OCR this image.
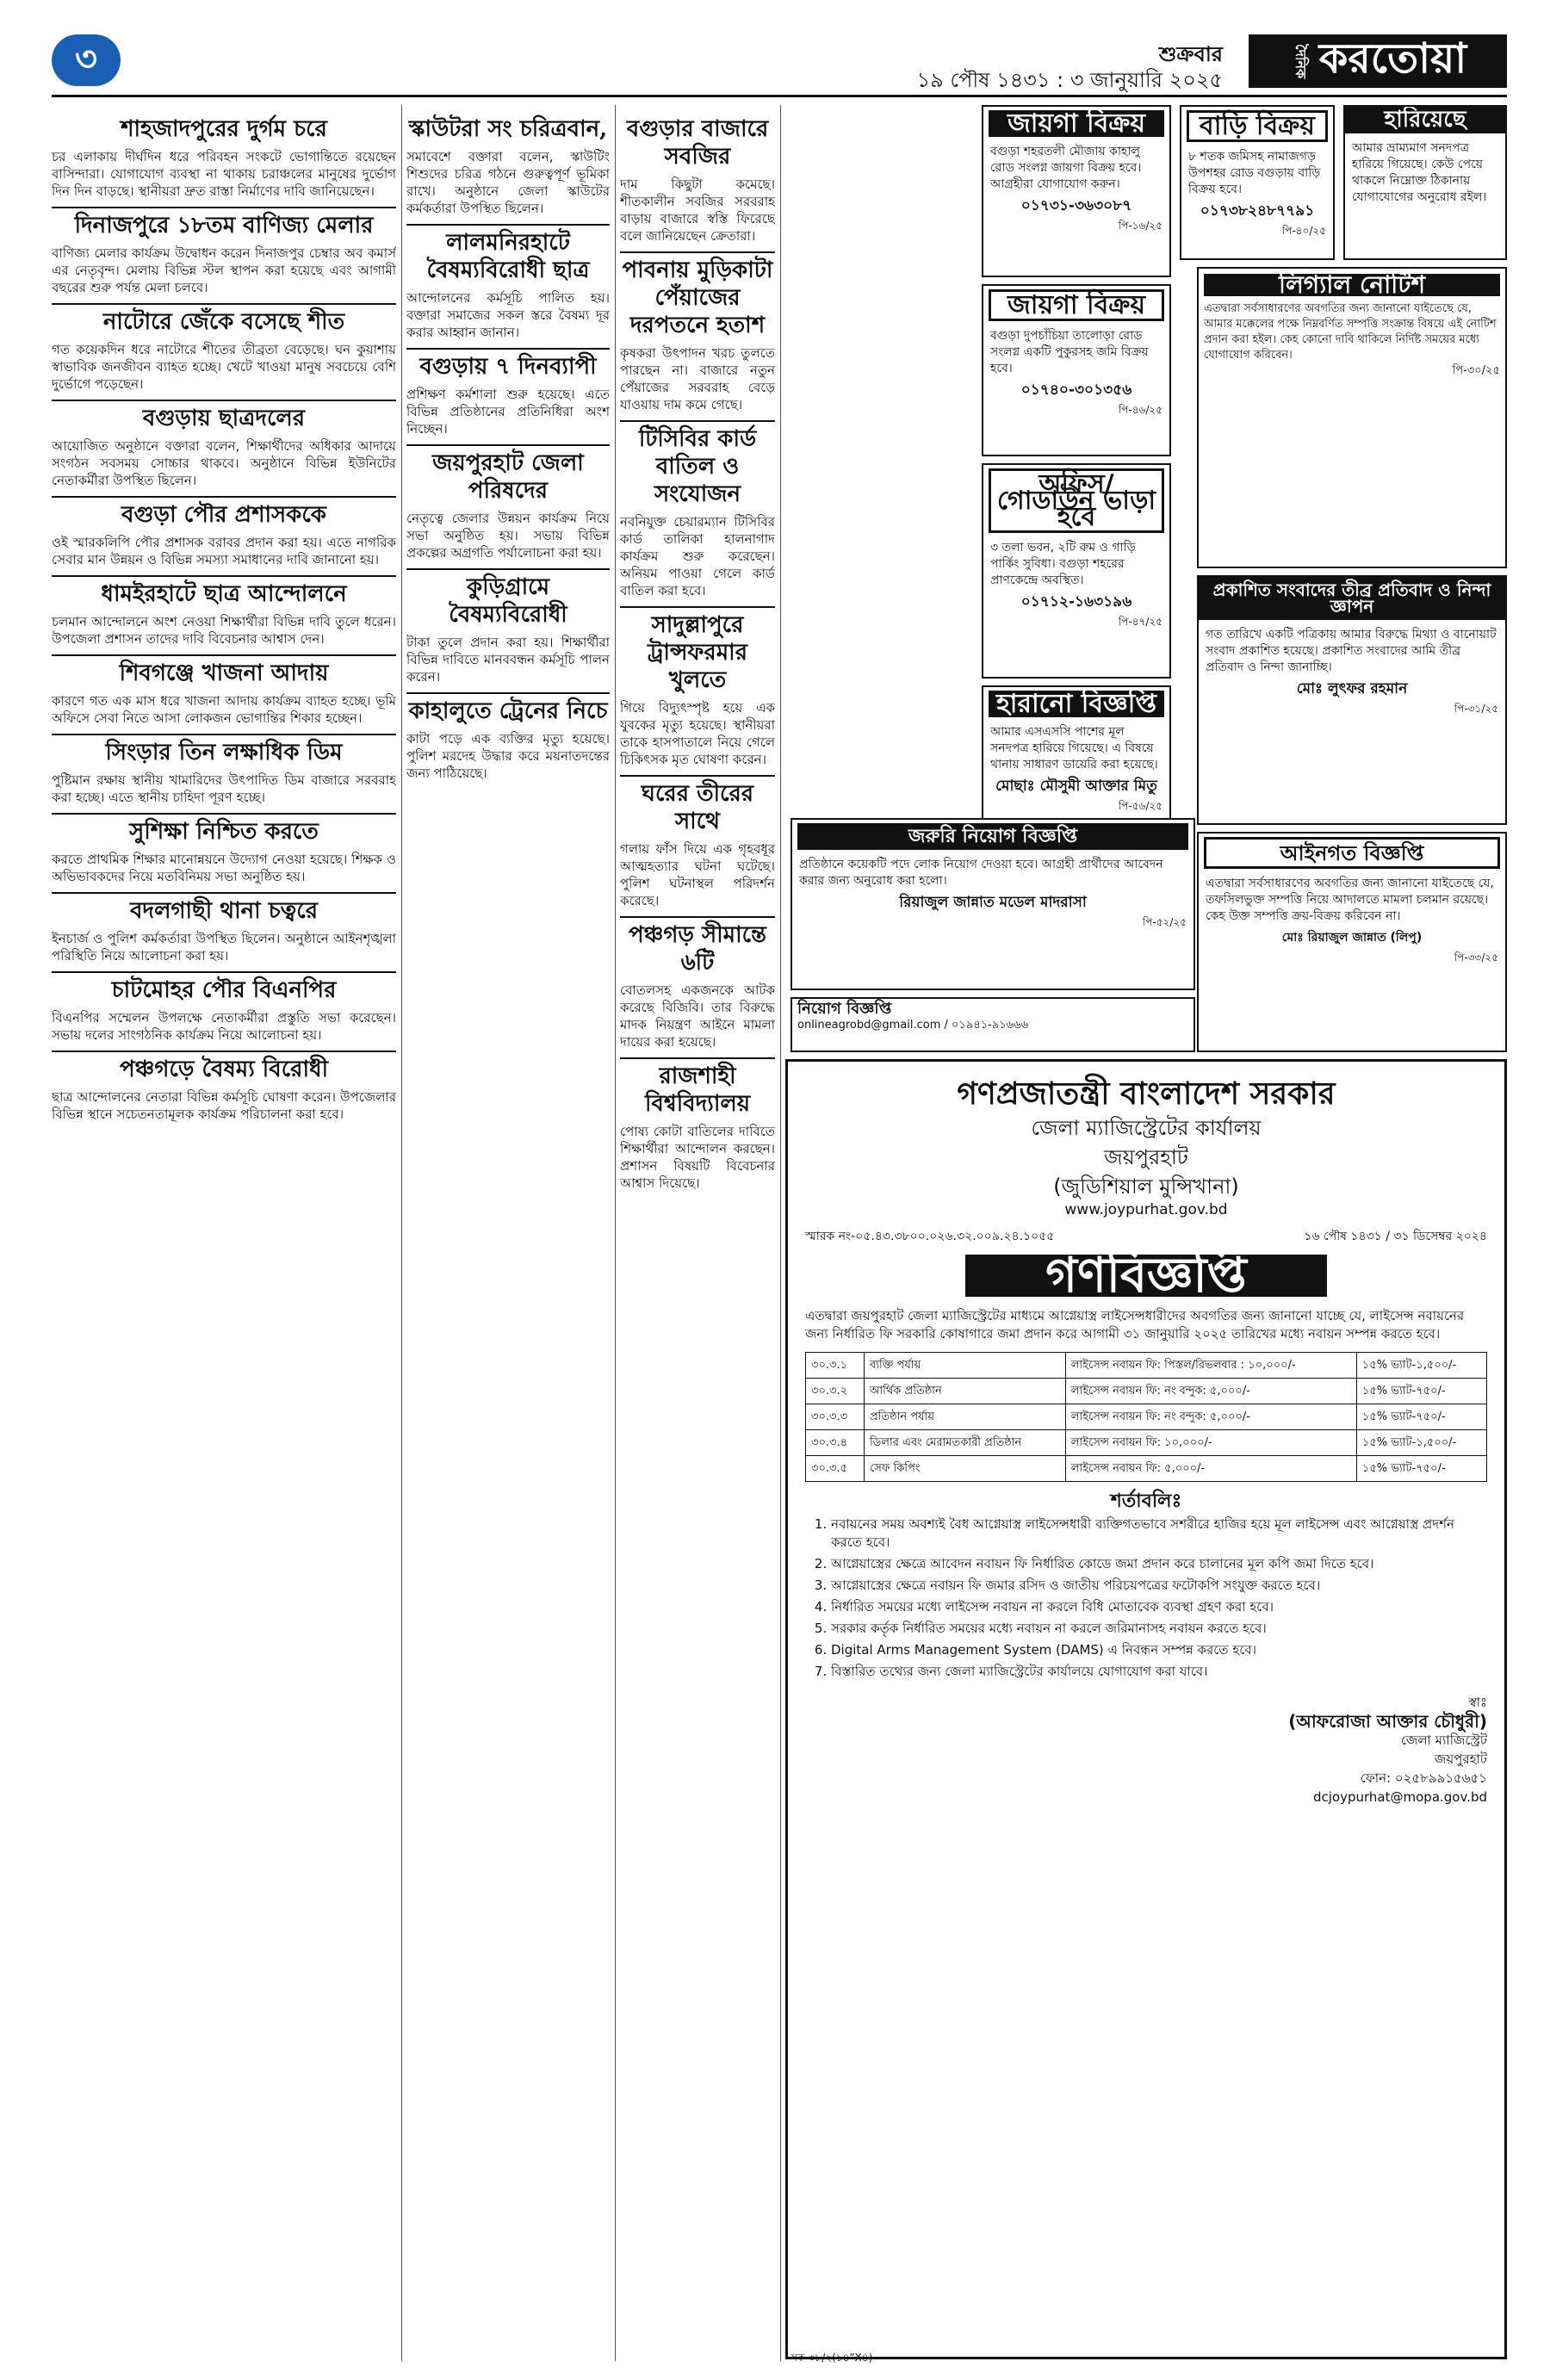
৩	শুক্রবার
১৯ পৌষ ১৪৩১ : ৩ জানুয়ারি ২০২৫
দৈনিক করতোয়া
শাহজাদপুরের দুর্গম চরে

চর এলাকায় দীর্ঘদিন ধরে পরিবহন সংকটে ভোগান্তিতে রয়েছেন বাসিন্দারা। যোগাযোগ ব্যবস্থা না থাকায় চরাঞ্চলের মানুষের দুর্ভোগ দিন দিন বাড়ছে। স্থানীয়রা দ্রুত রাস্তা নির্মাণের দাবি জানিয়েছেন।

দিনাজপুরে ১৮তম বাণিজ্য মেলার

বাণিজ্য মেলার কার্যক্রম উদ্বোধন করেন দিনাজপুর চেম্বার অব কমার্স এর নেতৃবৃন্দ। মেলায় বিভিন্ন স্টল স্থাপন করা হয়েছে এবং আগামী বছরের শুরু পর্যন্ত মেলা চলবে।

নাটোরে জেঁকে বসেছে শীত

গত কয়েকদিন ধরে নাটোরে শীতের তীব্রতা বেড়েছে। ঘন কুয়াশায় স্বাভাবিক জনজীবন ব্যাহত হচ্ছে। খেটে খাওয়া মানুষ সবচেয়ে বেশি দুর্ভোগে পড়েছেন।

বগুড়ায় ছাত্রদলের

আয়োজিত অনুষ্ঠানে বক্তারা বলেন, শিক্ষার্থীদের অধিকার আদায়ে সংগঠন সবসময় সোচ্চার থাকবে। অনুষ্ঠানে বিভিন্ন ইউনিটের নেতাকর্মীরা উপস্থিত ছিলেন।

বগুড়া পৌর প্রশাসককে

ওই স্মারকলিপি পৌর প্রশাসক বরাবর প্রদান করা হয়। এতে নাগরিক সেবার মান উন্নয়ন ও বিভিন্ন সমস্যা সমাধানের দাবি জানানো হয়।

ধামইরহাটে ছাত্র আন্দোলনে

চলমান আন্দোলনে অংশ নেওয়া শিক্ষার্থীরা বিভিন্ন দাবি তুলে ধরেন। উপজেলা প্রশাসন তাদের দাবি বিবেচনার আশ্বাস দেন।

শিবগঞ্জে খাজনা আদায়

কারণে গত এক মাস ধরে খাজনা আদায় কার্যক্রম ব্যাহত হচ্ছে। ভূমি অফিসে সেবা নিতে আসা লোকজন ভোগান্তির শিকার হচ্ছেন।

সিংড়ার তিন লক্ষাধিক ডিম

পুষ্টিমান রক্ষায় স্থানীয় খামারিদের উৎপাদিত ডিম বাজারে সরবরাহ করা হচ্ছে। এতে স্থানীয় চাহিদা পূরণ হচ্ছে।

সুশিক্ষা নিশ্চিত করতে

করতে প্রাথমিক শিক্ষার মানোন্নয়নে উদ্যোগ নেওয়া হয়েছে। শিক্ষক ও অভিভাবকদের নিয়ে মতবিনিময় সভা অনুষ্ঠিত হয়।

বদলগাছী থানা চত্বরে

ইনচার্জ ও পুলিশ কর্মকর্তারা উপস্থিত ছিলেন। অনুষ্ঠানে আইনশৃঙ্খলা পরিস্থিতি নিয়ে আলোচনা করা হয়।

চাটমোহর পৌর বিএনপির

বিএনপির সম্মেলন উপলক্ষে নেতাকর্মীরা প্রস্তুতি সভা করেছেন। সভায় দলের সাংগঠনিক কার্যক্রম নিয়ে আলোচনা হয়।

পঞ্চগড়ে বৈষম্য বিরোধী

ছাত্র আন্দোলনের নেতারা বিভিন্ন কর্মসূচি ঘোষণা করেন। উপজেলার বিভিন্ন স্থানে সচেতনতামূলক কার্যক্রম পরিচালনা করা হবে।

স্কাউটরা সং চরিত্রবান,

সমাবেশে বক্তারা বলেন, স্কাউটিং শিশুদের চরিত্র গঠনে গুরুত্বপূর্ণ ভূমিকা রাখে। অনুষ্ঠানে জেলা স্কাউটের কর্মকর্তারা উপস্থিত ছিলেন।

লালমনিরহাটে বৈষম্যবিরোধী ছাত্র

আন্দোলনের কর্মসূচি পালিত হয়। বক্তারা সমাজের সকল স্তরে বৈষম্য দূর করার আহ্বান জানান।

বগুড়ায় ৭ দিনব্যাপী

প্রশিক্ষণ কর্মশালা শুরু হয়েছে। এতে বিভিন্ন প্রতিষ্ঠানের প্রতিনিধিরা অংশ নিচ্ছেন।

জয়পুরহাট জেলা পরিষদের

নেতৃত্বে জেলার উন্নয়ন কার্যক্রম নিয়ে সভা অনুষ্ঠিত হয়। সভায় বিভিন্ন প্রকল্পের অগ্রগতি পর্যালোচনা করা হয়।

কুড়িগ্রামে বৈষম্যবিরোধী

টাকা তুলে প্রদান করা হয়। শিক্ষার্থীরা বিভিন্ন দাবিতে মানববন্ধন কর্মসূচি পালন করেন।

কাহালুতে ট্রেনের নিচে

কাটা পড়ে এক ব্যক্তির মৃত্যু হয়েছে। পুলিশ মরদেহ উদ্ধার করে ময়নাতদন্তের জন্য পাঠিয়েছে।

বগুড়ার বাজারে সবজির

দাম কিছুটা কমেছে। শীতকালীন সবজির সরবরাহ বাড়ায় বাজারে স্বস্তি ফিরেছে বলে জানিয়েছেন ক্রেতারা।

পাবনায় মুড়িকাটা পেঁয়াজের দরপতনে হতাশ

কৃষকরা উৎপাদন খরচ তুলতে পারছেন না। বাজারে নতুন পেঁয়াজের সরবরাহ বেড়ে যাওয়ায় দাম কমে গেছে।

টিসিবির কার্ড বাতিল ও সংযোজন

নবনিযুক্ত চেয়ারম্যান টিসিবির কার্ড তালিকা হালনাগাদ কার্যক্রম শুরু করেছেন। অনিয়ম পাওয়া গেলে কার্ড বাতিল করা হবে।

সাদুল্লাপুরে ট্রান্সফরমার খুলতে

গিয়ে বিদ্যুৎস্পৃষ্ট হয়ে এক যুবকের মৃত্যু হয়েছে। স্থানীয়রা তাকে হাসপাতালে নিয়ে গেলে চিকিৎসক মৃত ঘোষণা করেন।

ঘরের তীরের সাথে

গলায় ফাঁস দিয়ে এক গৃহবধূর আত্মহত্যার ঘটনা ঘটেছে। পুলিশ ঘটনাস্থল পরিদর্শন করেছে।

পঞ্চগড় সীমান্তে ৬টি

বোতলসহ একজনকে আটক করেছে বিজিবি। তার বিরুদ্ধে মাদক নিয়ন্ত্রণ আইনে মামলা দায়ের করা হয়েছে।

রাজশাহী বিশ্ববিদ্যালয়

পোষ্য কোটা বাতিলের দাবিতে শিক্ষার্থীরা আন্দোলন করছেন। প্রশাসন বিষয়টি বিবেচনার আশ্বাস দিয়েছে।

জায়গা বিক্রয়
বগুড়া শহরতলী মৌজায় কাহালু রোড সংলগ্ন জায়গা বিক্রয় হবে। আগ্রহীরা যোগাযোগ করুন।
০১৭৩১-৩৬৩০৮৭
পি-১৬/২৫
বাড়ি বিক্রয়
৮ শতক জমিসহ নামাজগড় উপশহর রোড বগুড়ায় বাড়ি বিক্রয় হবে।
০১৭৩৮২৪৮৭৭৯১
পি-৪০/২৫
হারিয়েছে
আমার ভ্রাম্যমাণ সনদপত্র হারিয়ে গিয়েছে। কেউ পেয়ে থাকলে নিম্নোক্ত ঠিকানায় যোগাযোগের অনুরোধ রইল।
জায়গা বিক্রয়
বগুড়া দুপচাঁচিয়া তালোড়া রোড সংলগ্ন একটি পুকুরসহ জমি বিক্রয় হবে।
০১৭৪০-৩০১৩৫৬
পি-৪৬/২৫
অফিস/গোডাউন ভাড়া হবে
৩ তলা ভবন, ২টি রুম ও গাড়ি পার্কিং সুবিধা। বগুড়া শহরের প্রাণকেন্দ্রে অবস্থিত।
০১৭১২-১৬৩১৯৬
পি-৪৭/২৫
হারানো বিজ্ঞপ্তি
আমার এসএসসি পাশের মূল সনদপত্র হারিয়ে গিয়েছে। এ বিষয়ে থানায় সাধারণ ডায়েরি করা হয়েছে।
মোছাঃ মৌসুমী আক্তার মিতু
পি-৫৬/২৫
জরুরি নিয়োগ বিজ্ঞপ্তি
প্রতিষ্ঠানে কয়েকটি পদে লোক নিয়োগ দেওয়া হবে। আগ্রহী প্রার্থীদের আবেদন করার জন্য অনুরোধ করা হলো।
রিয়াজুল জান্নাত মডেল মাদরাসা
পি-৫২/২৫
নিয়োগ বিজ্ঞপ্তি
onlineagrobd@gmail.com / ০১৯৪১-৯১৬৬৬
লিগ্যাল নোটিশ
এতদ্বারা সর্বসাধারণের অবগতির জন্য জানানো যাইতেছে যে, আমার মক্কেলের পক্ষে নিম্নবর্ণিত সম্পত্তি সংক্রান্ত বিষয়ে এই নোটিশ প্রদান করা হইল। কেহ কোনো দাবি থাকিলে নির্দিষ্ট সময়ের মধ্যে যোগাযোগ করিবেন।
পি-৩০/২৫
প্রকাশিত সংবাদের তীব্র প্রতিবাদ ও নিন্দা জ্ঞাপন
গত তারিখে একটি পত্রিকায় আমার বিরুদ্ধে মিথ্যা ও বানোয়াট সংবাদ প্রকাশিত হয়েছে। প্রকাশিত সংবাদের আমি তীব্র প্রতিবাদ ও নিন্দা জানাচ্ছি।
মোঃ লুৎফর রহমান
পি-৩১/২৫
আইনগত বিজ্ঞপ্তি
এতদ্বারা সর্বসাধারণের অবগতির জন্য জানানো যাইতেছে যে, তফসিলভুক্ত সম্পত্তি নিয়ে আদালতে মামলা চলমান রয়েছে। কেহ উক্ত সম্পত্তি ক্রয়-বিক্রয় করিবেন না।
মোঃ রিয়াজুল জান্নাত (লিপু)
পি-৩৩/২৫
গণপ্রজাতন্ত্রী বাংলাদেশ সরকার
জেলা ম্যাজিস্ট্রেটের কার্যালয়
জয়পুরহাট
(জুডিশিয়াল মুন্সিখানা)
www.joypurhat.gov.bd
স্মারক নং-০৫.৪৩.৩৮০০.০২৬.৩২.০০৯.২৪.১০৫৫	১৬ পৌষ ১৪৩১ / ৩১ ডিসেম্বর ২০২৪
গণবিজ্ঞপ্তি

এতদ্বারা জয়পুরহাট জেলা ম্যাজিস্ট্রেটের মাধ্যমে আগ্নেয়াস্ত্র লাইসেন্সধারীদের অবগতির জন্য জানানো যাচ্ছে যে, লাইসেন্স নবায়নের জন্য নির্ধারিত ফি সরকারি কোষাগারে জমা প্রদান করে আগামী ৩১ জানুয়ারি ২০২৫ তারিখের মধ্যে নবায়ন সম্পন্ন করতে হবে।

৩০.৩.১	ব্যক্তি পর্যায়	লাইসেন্স নবায়ন ফি: পিস্তল/রিভলবার : ১০,০০০/-	১৫% ভ্যাট-১,৫০০/-
৩০.৩.২	আর্থিক প্রতিষ্ঠান	লাইসেন্স নবায়ন ফি: নং বন্দুক: ৫,০০০/-	১৫% ভ্যাট-৭৫০/-
৩০.৩.৩	প্রতিষ্ঠান পর্যায়	লাইসেন্স নবায়ন ফি: নং বন্দুক: ৫,০০০/-	১৫% ভ্যাট-৭৫০/-
৩০.৩.৪	ডিলার এবং মেরামতকারী প্রতিষ্ঠান	লাইসেন্স নবায়ন ফি: ১০,০০০/-	১৫% ভ্যাট-১,৫০০/-
৩০.৩.৫	সেফ কিপিং	লাইসেন্স নবায়ন ফি: ৫,০০০/-	১৫% ভ্যাট-৭৫০/-
শর্তাবলিঃ
1. নবায়নের সময় অবশ্যই বৈধ আগ্নেয়াস্ত্র লাইসেন্সধারী ব্যক্তিগতভাবে সশরীরে হাজির হয়ে মূল লাইসেন্স এবং আগ্নেয়াস্ত্র প্রদর্শন করতে হবে।
2. আগ্নেয়াস্ত্রের ক্ষেত্রে আবেদন নবায়ন ফি নির্ধারিত কোডে জমা প্রদান করে চালানের মূল কপি জমা দিতে হবে।
3. আগ্নেয়াস্ত্রের ক্ষেত্রে নবায়ন ফি জমার রসিদ ও জাতীয় পরিচয়পত্রের ফটোকপি সংযুক্ত করতে হবে।
4. নির্ধারিত সময়ের মধ্যে লাইসেন্স নবায়ন না করলে বিধি মোতাবেক ব্যবস্থা গ্রহণ করা হবে।
5. সরকার কর্তৃক নির্ধারিত সময়ের মধ্যে নবায়ন না করলে জরিমানাসহ নবায়ন করতে হবে।
6. Digital Arms Management System (DAMS) এ নিবন্ধন সম্পন্ন করতে হবে।
7. বিস্তারিত তথ্যের জন্য জেলা ম্যাজিস্ট্রেটের কার্যালয়ে যোগাযোগ করা যাবে।
স্বাঃ
(আফরোজা আক্তার চৌধুরী)
জেলা ম্যাজিস্ট্রেট
জয়পুরহাট
ফোন: ০২৫৮৯৯১৫৬৫১
dcjoypurhat@mopa.gov.bd
সক-৩৮/২(১৪”X৪)
